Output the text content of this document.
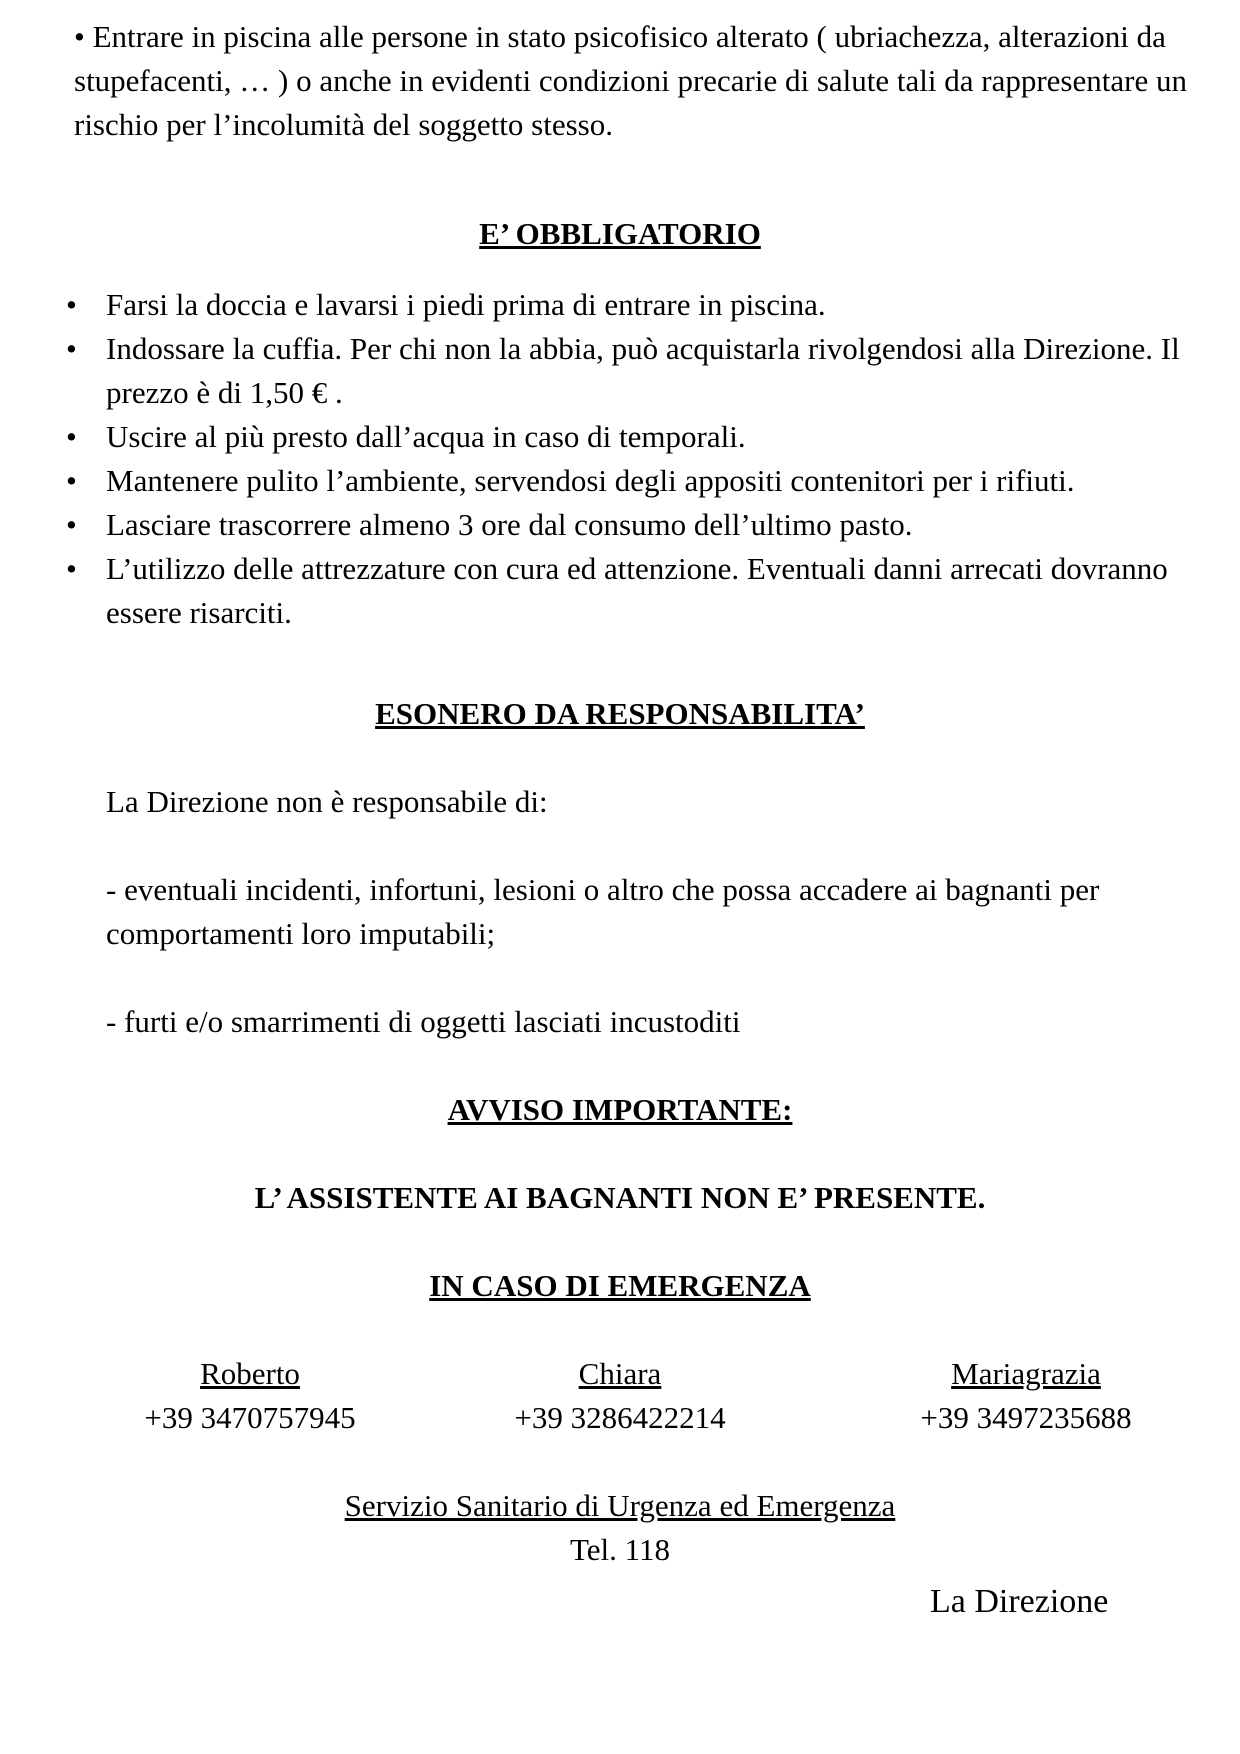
• Entrare in piscina alle persone in stato psicofisico alterato ( ubriachezza, alterazioni da stupefacenti, … ) o anche in evidenti condizioni precarie di salute tali da rappresentare un rischio per l’incolumità del soggetto stesso.

E’ OBBLIGATORIO
• Farsi la doccia e lavarsi i piedi prima di entrare in piscina.
• Indossare la cuffia. Per chi non la abbia, può acquistarla rivolgendosi alla Direzione. Il prezzo è di 1,50 € .
• Uscire al più presto dall’acqua in caso di temporali.
• Mantenere pulito l’ambiente, servendosi degli appositi contenitori per i rifiuti.
• Lasciare trascorrere almeno 3 ore dal consumo dell’ultimo pasto.
• L’utilizzo delle attrezzature con cura ed attenzione. Eventuali danni arrecati dovranno essere risarciti.
ESONERO DA RESPONSABILITA’

La Direzione non è responsabile di:

- eventuali incidenti, infortuni, lesioni o altro che possa accadere ai bagnanti per comportamenti loro imputabili;

- furti e/o smarrimenti di oggetti lasciati incustoditi

AVVISO IMPORTANTE:

L’ ASSISTENTE AI BAGNANTI NON E’ PRESENTE.

IN CASO DI EMERGENZA
Roberto
+39 3470757945
Chiara
+39 3286422214
Mariagrazia
+39 3497235688

Servizio Sanitario di Urgenza ed Emergenza

Tel. 118

La Direzione
